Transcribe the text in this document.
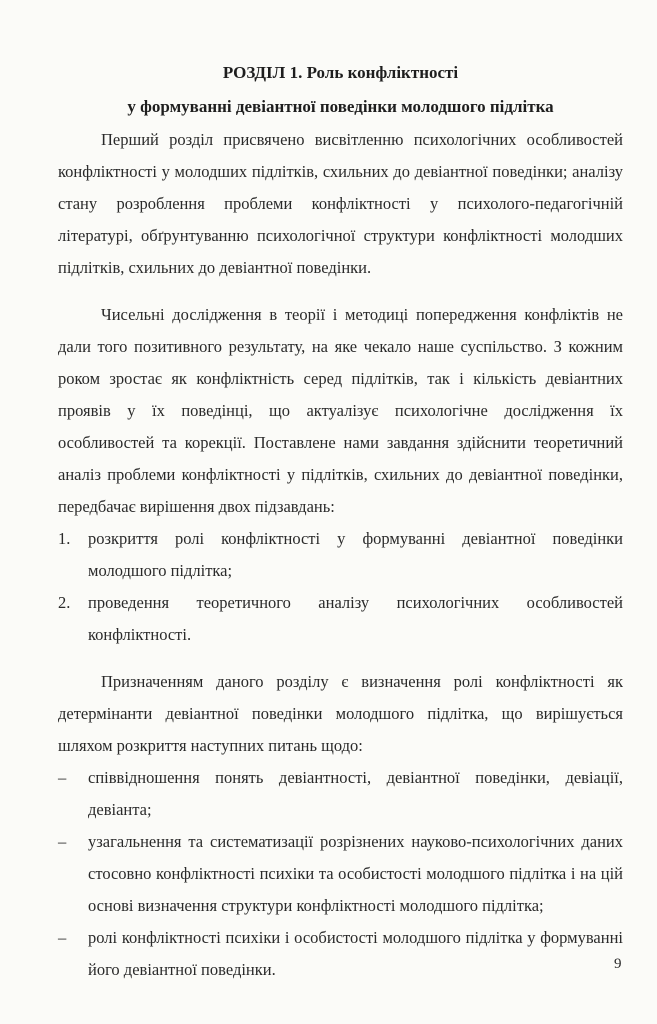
РОЗДІЛ 1. Роль конфліктності
у формуванні девіантної поведінки молодшого підлітка

Перший розділ присвячено висвітленню психологічних особливостей конфліктності у молодших підлітків, схильних до девіантної поведінки; аналізу стану розроблення проблеми конфліктності у психолого-педагогічній літературі, обґрунтуванню психологічної структури конфліктності молодших підлітків, схильних до девіантної поведінки.

Чисельні дослідження в теорії і методиці попередження конфліктів не дали того позитивного результату, на яке чекало наше суспільство. З кожним роком зростає як конфліктність серед підлітків, так і кількість девіантних проявів у їх поведінці, що актуалізує психологічне дослідження їх особливостей та корекції. Поставлене нами завдання здійснити теоретичний аналіз проблеми конфліктності у підлітків, схильних до девіантної поведінки, передбачає вирішення двох підзавдань:

1.	розкриття ролі конфліктності у формуванні девіантної поведінки молодшого підлітка;
2.	проведення теоретичного аналізу психологічних особливостей конфліктності.

Призначенням даного розділу є визначення ролі конфліктності як детермінанти девіантної поведінки молодшого підлітка, що вирішується шляхом розкриття наступних питань щодо:

–	співвідношення понять девіантності, девіантної поведінки, девіації, девіанта;
–	узагальнення та систематизації розрізнених науково-психологічних даних стосовно конфліктності психіки та особистості молодшого підлітка і на цій основі визначення структури конфліктності молодшого підлітка;
–	ролі конфліктності психіки і особистості молодшого підлітка у формуванні його девіантної поведінки.	9
